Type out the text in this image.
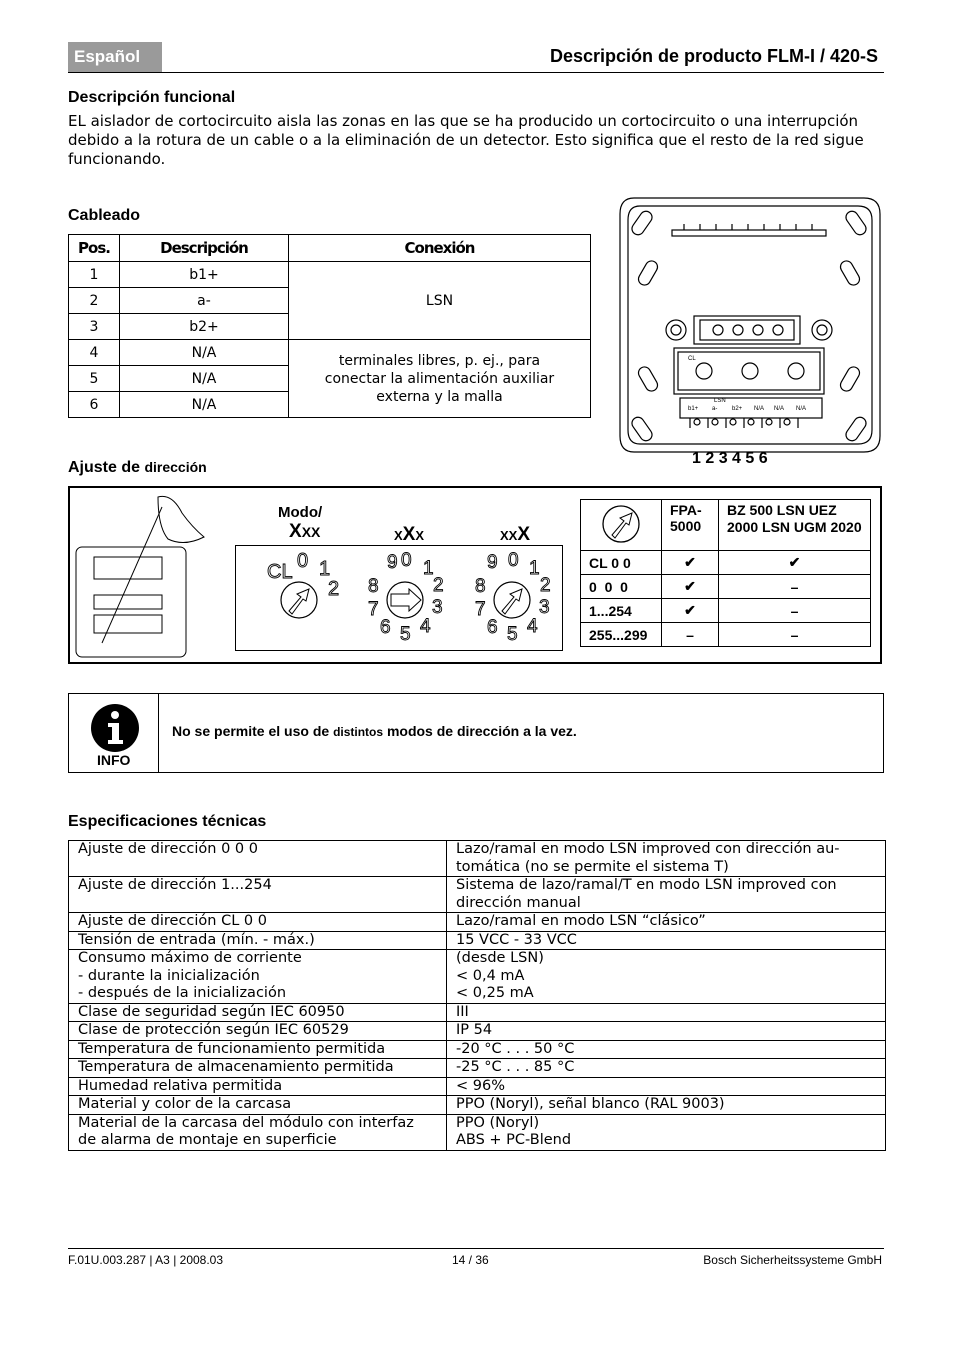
Español	Descripción de producto FLM-I / 420-S
Descripción funcional
EL aislador de cortocircuito aisla las zonas en las que se ha producido un cortocircuito o una interrupción debido a la rotura de un cable o a la eliminación de un detector. Esto significa que el resto de la red sigue funcionando.
Cableado
Pos.	Descripción	Conexión
1	b1+	LSN
2	a-	
3	b2+	
4	N/A	terminales libres, p. ej., para conectar la alimentación auxiliar externa y la malla
5	N/A	
6	N/A	
CL
LSN
b1+ a- b2+ N/A N/A N/A
1 2 3 4 5 6
Ajuste de dirección
Modo/
XXX	XXX	XXX
CL 0 1
2
9 0 1
2
3
4
5
6
7
8
9 0 1
2
3
4
5
6
7
8
	FPA-5000	BZ 500 LSN UEZ 2000 LSN UGM 2020
CL 0 0	✔	✔
0  0  0	✔	–
1...254	✔	–
255...299	–	–
INFO
No se permite el uso de distintos modos de dirección a la vez.
Especificaciones técnicas
Ajuste de dirección 0 0 0	Lazo/ramal en modo LSN improved con dirección au-
tomática (no se permite el sistema T)
Ajuste de dirección 1...254	Sistema de lazo/ramal/T en modo LSN improved con
dirección manual
Ajuste de dirección CL 0 0	Lazo/ramal en modo LSN “clásico”
Tensión de entrada (mín. - máx.)	15 VCC - 33 VCC
Consumo máximo de corriente
- durante la inicialización
- después de la inicialización	(desde LSN)
< 0,4 mA
< 0,25 mA
Clase de seguridad según IEC 60950	III
Clase de protección según IEC 60529	IP 54
Temperatura de funcionamiento permitida	-20 °C . . . 50 °C
Temperatura de almacenamiento permitida	-25 °C . . . 85 °C
Humedad relativa permitida	< 96%
Material y color de la carcasa	PPO (Noryl), señal blanco (RAL 9003)
Material de la carcasa del módulo con interfaz
de alarma de montaje en superficie	PPO (Noryl)
ABS + PC-Blend
F.01U.003.287 | A3 | 2008.03	14 / 36	Bosch Sicherheitssysteme GmbH
